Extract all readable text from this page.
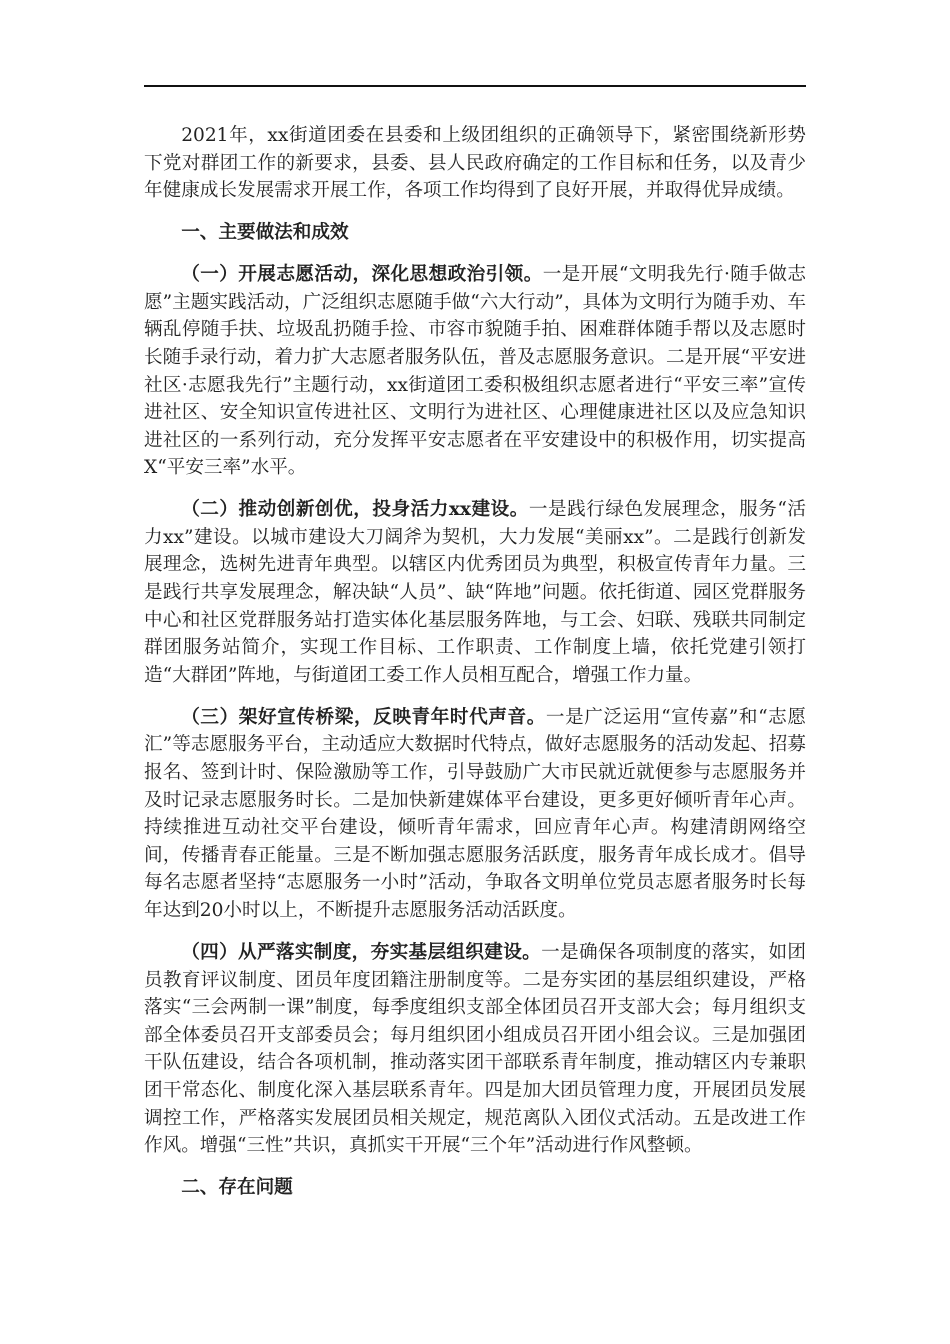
2021年，xx街道团委在县委和上级团组织的正确领导下，紧密围绕新形势下党对群团工作的新要求，县委、县人民政府确定的工作目标和任务，以及青少年健康成长发展需求开展工作，各项工作均得到了良好开展，并取得优异成绩。

一、主要做法和成效

（一）开展志愿活动，深化思想政治引领。一是开展“文明我先行·随手做志愿”主题实践活动，广泛组织志愿随手做“六大行动”，具体为文明行为随手劝、车辆乱停随手扶、垃圾乱扔随手捡、市容市貌随手拍、困难群体随手帮以及志愿时长随手录行动，着力扩大志愿者服务队伍，普及志愿服务意识。二是开展“平安进社区·志愿我先行”主题行动，xx街道团工委积极组织志愿者进行“平安三率”宣传进社区、安全知识宣传进社区、文明行为进社区、心理健康进社区以及应急知识进社区的一系列行动，充分发挥平安志愿者在平安建设中的积极作用，切实提高X“平安三率”水平。

（二）推动创新创优，投身活力xx建设。一是践行绿色发展理念，服务“活力xx”建设。以城市建设大刀阔斧为契机，大力发展“美丽xx”。二是践行创新发展理念，选树先进青年典型。以辖区内优秀团员为典型，积极宣传青年力量。三是践行共享发展理念，解决缺“人员”、缺“阵地”问题。依托街道、园区党群服务中心和社区党群服务站打造实体化基层服务阵地，与工会、妇联、残联共同制定群团服务站简介，实现工作目标、工作职责、工作制度上墙，依托党建引领打造“大群团”阵地，与街道团工委工作人员相互配合，增强工作力量。

（三）架好宣传桥梁，反映青年时代声音。一是广泛运用“宣传嘉”和“志愿汇”等志愿服务平台，主动适应大数据时代特点，做好志愿服务的活动发起、招募报名、签到计时、保险激励等工作，引导鼓励广大市民就近就便参与志愿服务并及时记录志愿服务时长。二是加快新建媒体平台建设，更多更好倾听青年心声。持续推进互动社交平台建设，倾听青年需求，回应青年心声。构建清朗网络空间，传播青春正能量。三是不断加强志愿服务活跃度，服务青年成长成才。倡导每名志愿者坚持“志愿服务一小时”活动，争取各文明单位党员志愿者服务时长每年达到20小时以上，不断提升志愿服务活动活跃度。

（四）从严落实制度，夯实基层组织建设。一是确保各项制度的落实，如团员教育评议制度、团员年度团籍注册制度等。二是夯实团的基层组织建设，严格落实“三会两制一课”制度，每季度组织支部全体团员召开支部大会；每月组织支部全体委员召开支部委员会；每月组织团小组成员召开团小组会议。三是加强团干队伍建设，结合各项机制，推动落实团干部联系青年制度，推动辖区内专兼职团干常态化、制度化深入基层联系青年。四是加大团员管理力度，开展团员发展调控工作，严格落实发展团员相关规定，规范离队入团仪式活动。五是改进工作作风。增强“三性”共识，真抓实干开展“三个年”活动进行作风整顿。

二、存在问题
